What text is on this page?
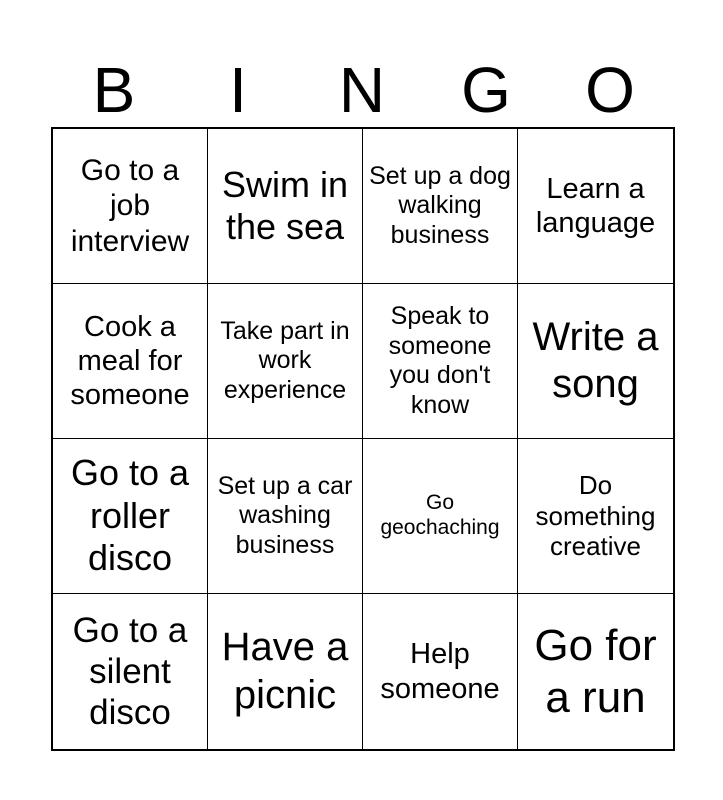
B	I	N	G	O
Go to a job interview
Swim in the sea
Set up a dog walking business
Learn a language
Cook a meal for someone
Take part in work experience
Speak to someone you don't know
Write a song
Go to a roller disco
Set up a car washing business
Go geochaching
Do something creative
Go to a silent disco
Have a picnic
Help someone
Go for a run
